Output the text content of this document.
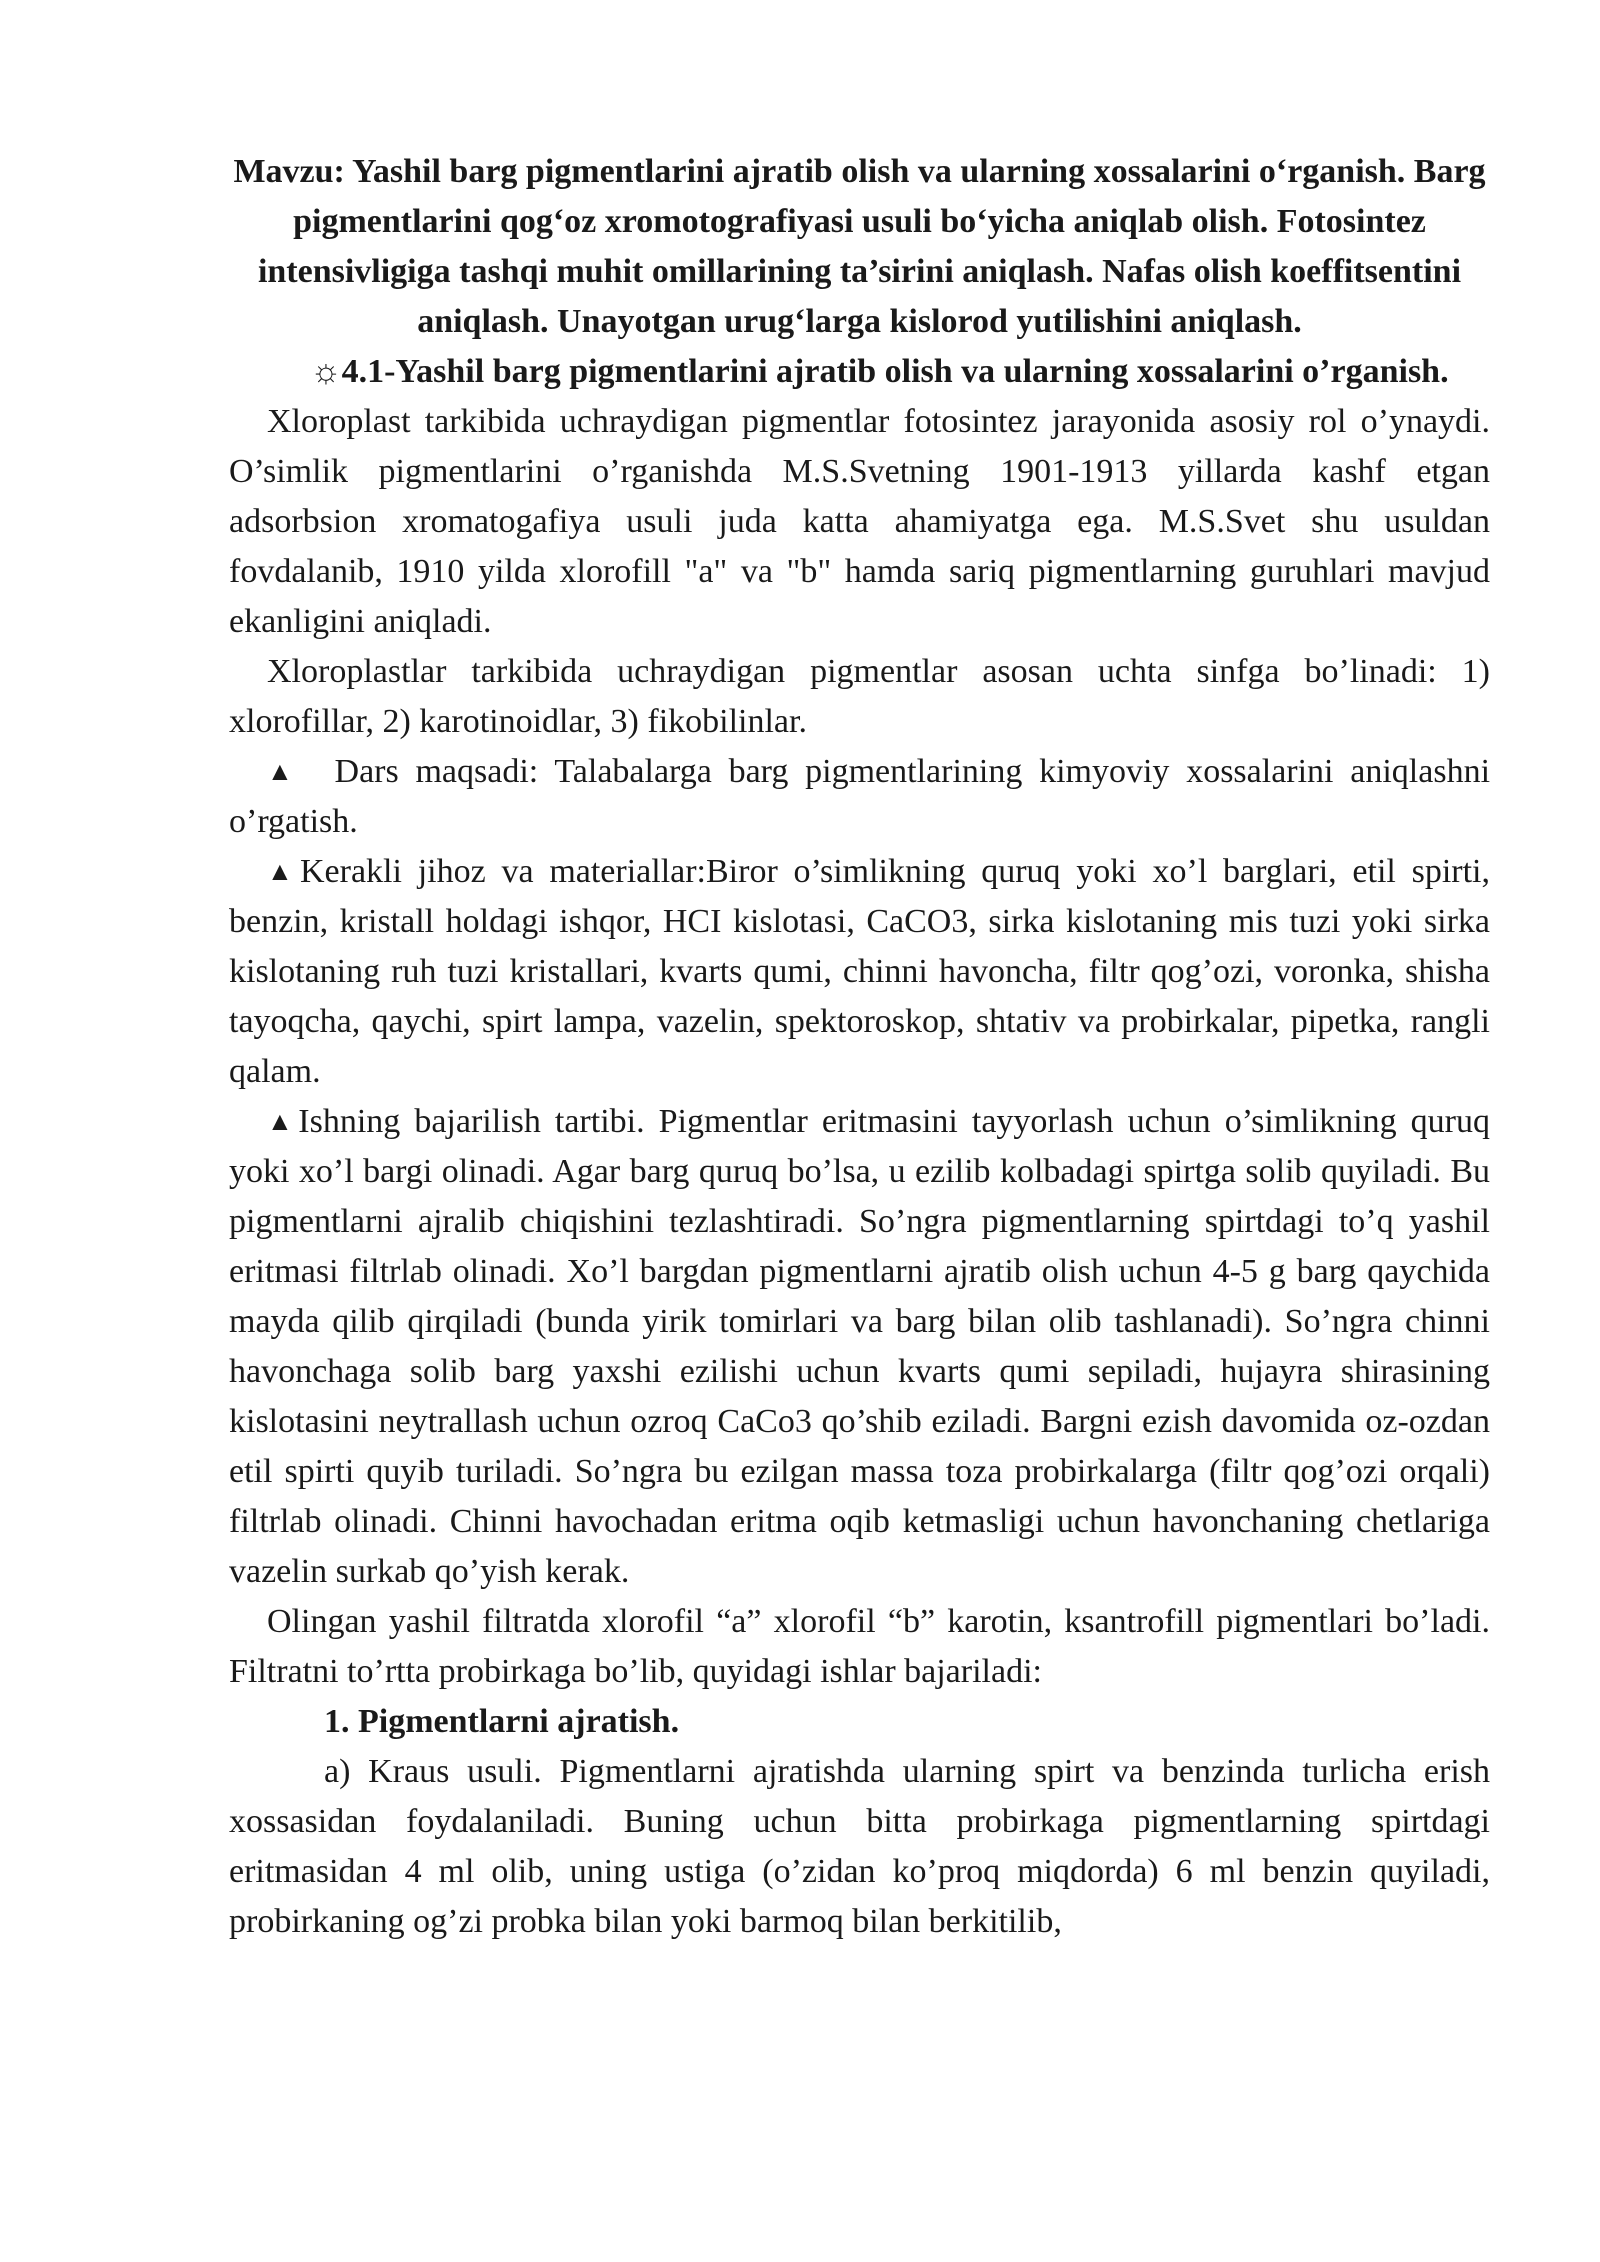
Mavzu: Yashil barg pigmentlarini ajratib olish va ularning xossalarini o‘rganish. Barg pigmentlarini qog‘oz xromotografiyasi usuli bo‘yicha aniqlab olish. Fotosintez intensivligiga tashqi muhit omillarining ta’sirini aniqlash. Nafas olish koeffitsentini aniqlash. Unayotgan urug‘larga kislorod yutilishini aniqlash.

☼4.1-Yashil barg pigmentlarini ajratib olish va ularning xossalarini o’rganish.

Xloroplast tarkibida uchraydigan pigmentlar fotosintez jarayonida asosiy rol o’ynaydi. O’simlik pigmentlarini o’rganishda M.S.Svetning 1901-1913 yillarda kashf etgan adsorbsion xromatogafiya usuli juda katta ahamiyatga ega. M.S.Svet shu usuldan fovdalanib, 1910 yilda xlorofill "a" va "b" hamda sariq pigmentlarning guruhlari mavjud ekanligini aniqladi.

Xloroplastlar tarkibida uchraydigan pigmentlar asosan uchta sinfga bo’linadi: 1) xlorofillar, 2) karotinoidlar, 3) fikobilinlar.

▲ Dars maqsadi: Talabalarga barg pigmentlarining kimyoviy xossalarini aniqlashni o’rgatish.

▲Kerakli jihoz va materiallar:Biror o’simlikning quruq yoki xo’l barglari, etil spirti, benzin, kristall holdagi ishqor, HCI kislotasi, CaCO3, sirka kislotaning mis tuzi yoki sirka kislotaning ruh tuzi kristallari, kvarts qumi, chinni havoncha, filtr qog’ozi, voronka, shisha tayoqcha, qaychi, spirt lampa, vazelin, spektoroskop, shtativ va probirkalar, pipetka, rangli qalam.

▲Ishning bajarilish tartibi. Pigmentlar eritmasini tayyorlash uchun o’simlikning quruq yoki xo’l bargi olinadi. Agar barg quruq bo’lsa, u ezilib kolbadagi spirtga solib quyiladi. Bu pigmentlarni ajralib chiqishini tezlashtiradi. So’ngra pigmentlarning spirtdagi to’q yashil eritmasi filtrlab olinadi. Xo’l bargdan pigmentlarni ajratib olish uchun 4-5 g barg qaychida mayda qilib qirqiladi (bunda yirik tomirlari va barg bilan olib tashlanadi). So’ngra chinni havonchaga solib barg yaxshi ezilishi uchun kvarts qumi sepiladi, hujayra shirasining kislotasini neytrallash uchun ozroq CaCo3 qo’shib eziladi. Bargni ezish davomida oz-ozdan etil spirti quyib turiladi. So’ngra bu ezilgan massa toza probirkalarga (filtr qog’ozi orqali) filtrlab olinadi. Chinni havochadan eritma oqib ketmasligi uchun havonchaning chetlariga vazelin surkab qo’yish kerak.

Olingan yashil filtratda xlorofil “a” xlorofil “b” karotin, ksantrofill pigmentlari bo’ladi. Filtratni to’rtta probirkaga bo’lib, quyidagi ishlar bajariladi:

1. Pigmentlarni ajratish.

a) Kraus usuli. Pigmentlarni ajratishda ularning spirt va benzinda turlicha erish xossasidan foydalaniladi. Buning uchun bitta probirkaga pigmentlarning spirtdagi eritmasidan 4 ml olib, uning ustiga (o’zidan ko’proq miqdorda) 6 ml benzin quyiladi, probirkaning og’zi probka bilan yoki barmoq bilan berkitilib,
